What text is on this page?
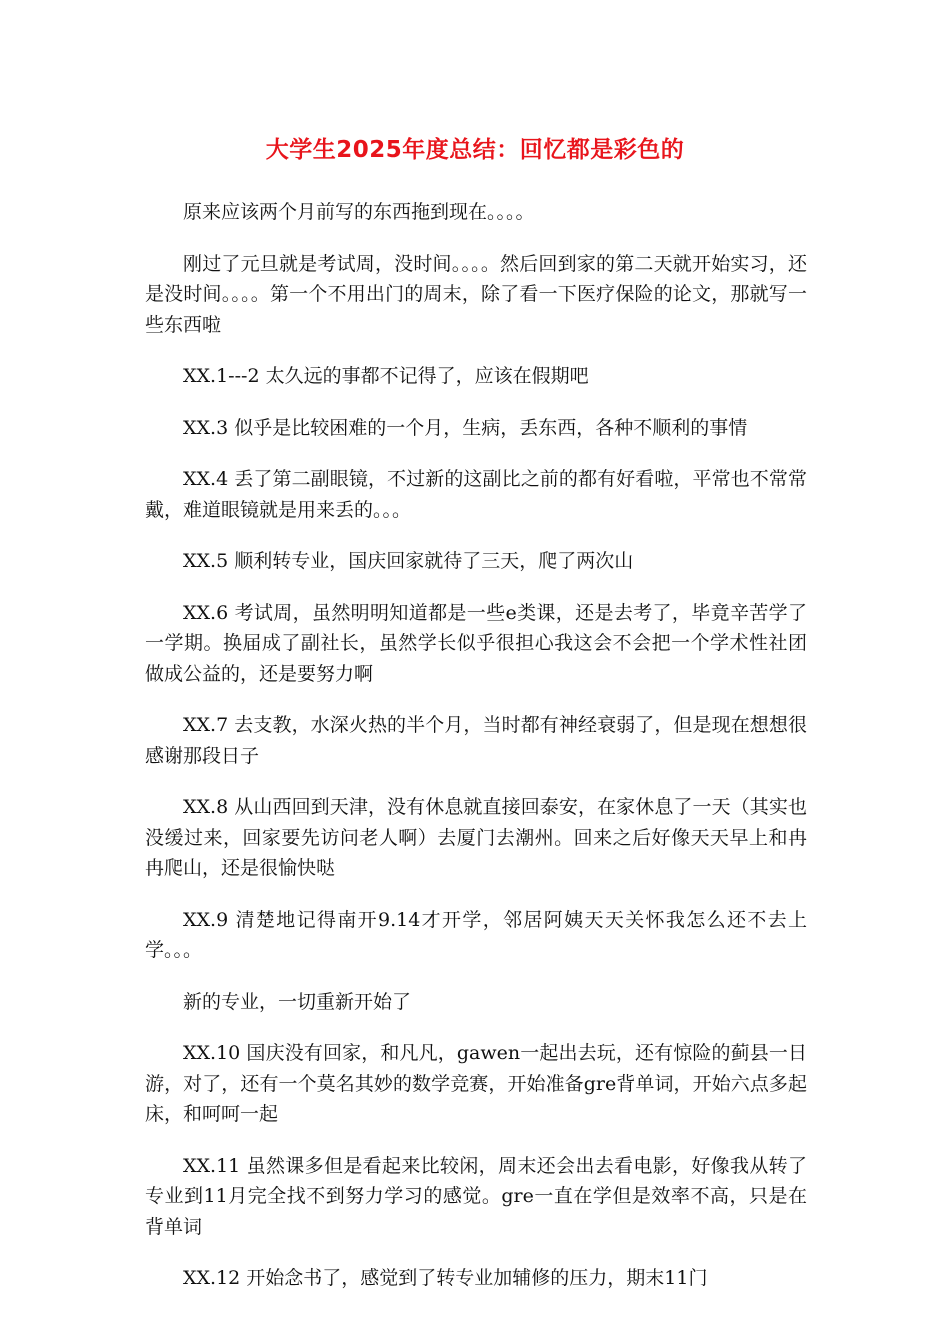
大学生2025年度总结：回忆都是彩色的

原来应该两个月前写的东西拖到现在。。。。

刚过了元旦就是考试周，没时间。。。。然后回到家的第二天就开始实习，还是没时间。。。。第一个不用出门的周末，除了看一下医疗保险的论文，那就写一些东西啦

XX.1---2 太久远的事都不记得了，应该在假期吧

XX.3 似乎是比较困难的一个月，生病，丢东西，各种不顺利的事情

XX.4 丢了第二副眼镜，不过新的这副比之前的都有好看啦，平常也不常常戴，难道眼镜就是用来丢的。。。

XX.5 顺利转专业，国庆回家就待了三天，爬了两次山

XX.6 考试周，虽然明明知道都是一些e类课，还是去考了，毕竟辛苦学了一学期。换届成了副社长，虽然学长似乎很担心我这会不会把一个学术性社团做成公益的，还是要努力啊

XX.7 去支教，水深火热的半个月，当时都有神经衰弱了，但是现在想想很感谢那段日子

XX.8 从山西回到天津，没有休息就直接回泰安，在家休息了一天（其实也没缓过来，回家要先访问老人啊）去厦门去潮州。回来之后好像天天早上和冉冉爬山，还是很愉快哒

XX.9 清楚地记得南开9.14才开学，邻居阿姨天天关怀我怎么还不去上学。。。

新的专业，一切重新开始了

XX.10 国庆没有回家，和凡凡，gawen一起出去玩，还有惊险的蓟县一日游，对了，还有一个莫名其妙的数学竞赛，开始准备gre背单词，开始六点多起床，和呵呵一起

XX.11 虽然课多但是看起来比较闲，周末还会出去看电影，好像我从转了专业到11月完全找不到努力学习的感觉。gre一直在学但是效率不高，只是在背单词

XX.12 开始念书了，感觉到了转专业加辅修的压力，期末11门
